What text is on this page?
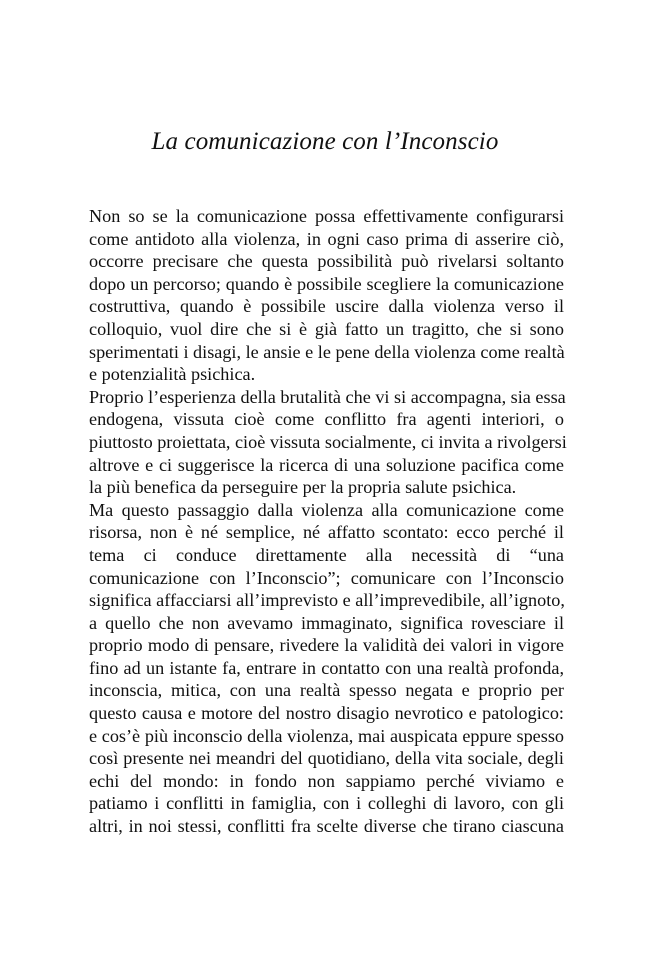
La comunicazione con l’Inconscio
Non so se la comunicazione possa effettivamente configurarsi
come antidoto alla violenza, in ogni caso prima di asserire ciò,
occorre precisare che questa possibilità può rivelarsi soltanto
dopo un percorso; quando è possibile scegliere la comunicazione
costruttiva, quando è possibile uscire dalla violenza verso il
colloquio, vuol dire che si è già fatto un tragitto, che si sono
sperimentati i disagi, le ansie e le pene della violenza come realtà
e potenzialità psichica.
Proprio l’esperienza della brutalità che vi si accompagna, sia essa
endogena, vissuta cioè come conflitto fra agenti interiori, o
piuttosto proiettata, cioè vissuta socialmente, ci invita a rivolgersi
altrove e ci suggerisce la ricerca di una soluzione pacifica come
la più benefica da perseguire per la propria salute psichica.
Ma questo passaggio dalla violenza alla comunicazione come
risorsa, non è né semplice, né affatto scontato: ecco perché il
tema ci conduce direttamente alla necessità di “una
comunicazione con l’Inconscio”; comunicare con l’Inconscio
significa affacciarsi all’imprevisto e all’imprevedibile, all’ignoto,
a quello che non avevamo immaginato, significa rovesciare il
proprio modo di pensare, rivedere la validità dei valori in vigore
fino ad un istante fa, entrare in contatto con una realtà profonda,
inconscia, mitica, con una realtà spesso negata e proprio per
questo causa e motore del nostro disagio nevrotico e patologico:
e cos’è più inconscio della violenza, mai auspicata eppure spesso
così presente nei meandri del quotidiano, della vita sociale, degli
echi del mondo: in fondo non sappiamo perché viviamo e
patiamo i conflitti in famiglia, con i colleghi di lavoro, con gli
altri, in noi stessi, conflitti fra scelte diverse che tirano ciascuna
